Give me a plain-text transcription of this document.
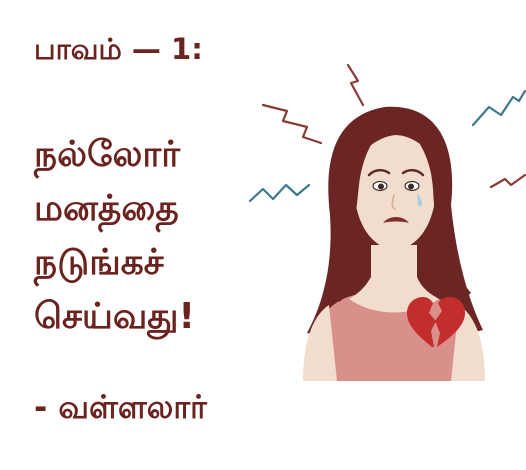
பாவம் — 1:
நல்லோர்
மனத்தை
நடுங்கச்
செய்வது!
- வள்ளலார்
